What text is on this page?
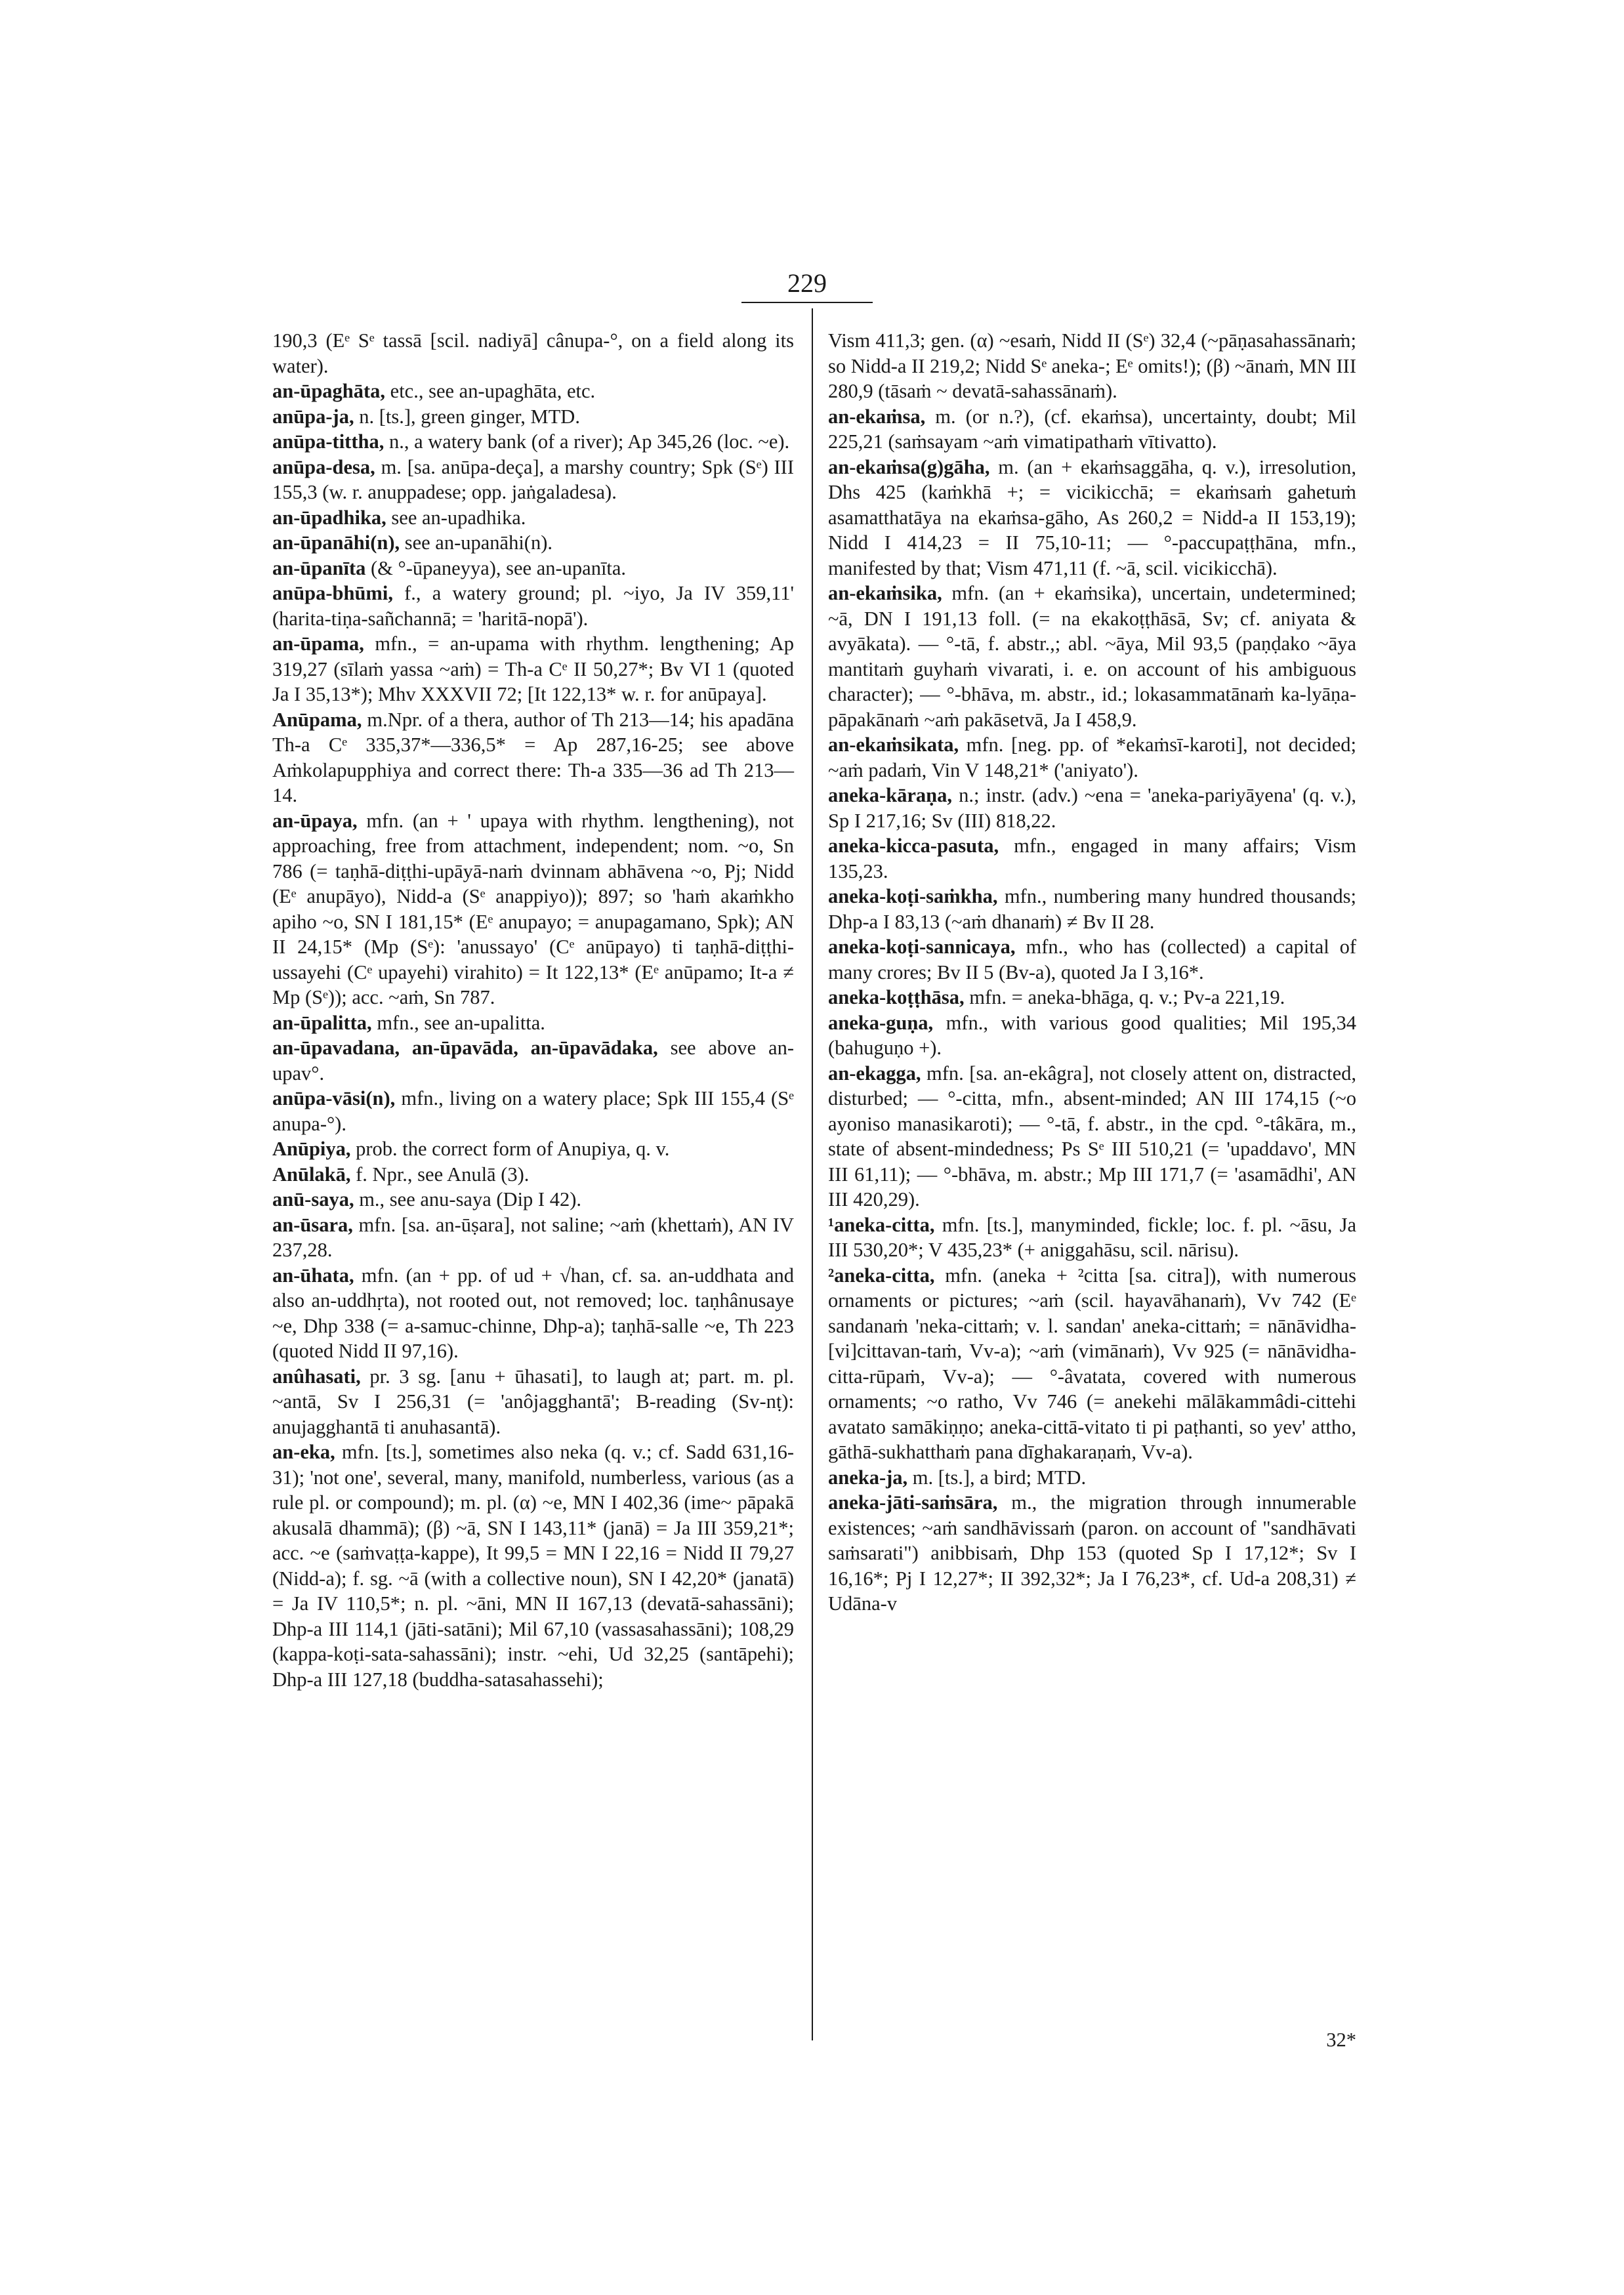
229

190,3 (Eᵉ Sᵉ tassā [scil. nadiyā] cânupa-°, on a field along its water).

an-ūpaghāta, etc., see an-upaghāta, etc.

anūpa-ja, n. [ts.], green ginger, MTD.

anūpa-tittha, n., a watery bank (of a river); Ap 345,26 (loc. ~e).

anūpa-desa, m. [sa. anūpa-deça], a marshy country; Spk (Sᵉ) III 155,3 (w. r. anuppadese; opp. jaṅgaladesa).

an-ūpadhika, see an-upadhika.

an-ūpanāhi(n), see an-upanāhi(n).

an-ūpanīta (& °-ūpaneyya), see an-upanīta.

anūpa-bhūmi, f., a watery ground; pl. ~iyo, Ja IV 359,11' (harita-tiṇa-sañchannā; = 'haritā-nopā').

an-ūpama, mfn., = an-upama with rhythm. lengthening; Ap 319,27 (sīlaṁ yassa ~aṁ) = Th-a Cᵉ II 50,27*; Bv VI 1 (quoted Ja I 35,13*); Mhv XXXVII 72; [It 122,13* w. r. for anūpaya].

Anūpama, m.Npr. of a thera, author of Th 213—14; his apadāna Th-a Cᵉ 335,37*—336,5* = Ap 287,16-25; see above Aṁkolapupphiya and correct there: Th-a 335—36 ad Th 213—14.

an-ūpaya, mfn. (an + ' upaya with rhythm. lengthening), not approaching, free from attachment, independent; nom. ~o, Sn 786 (= taṇhā-diṭṭhi-upāyā-naṁ dvinnam abhāvena ~o, Pj; Nidd (Eᵉ anupāyo), Nidd-a (Sᵉ anappiyo)); 897; so 'haṁ akaṁkho apiho ~o, SN I 181,15* (Eᵉ anupayo; = anupagamano, Spk); AN II 24,15* (Mp (Sᵉ): 'anussayo' (Cᵉ anūpayo) ti taṇhā-diṭṭhi-ussayehi (Cᵉ upayehi) virahito) = It 122,13* (Eᵉ anūpamo; It-a ≠ Mp (Sᵉ)); acc. ~aṁ, Sn 787.

an-ūpalitta, mfn., see an-upalitta.

an-ūpavadana, an-ūpavāda, an-ūpavādaka, see above an-upav°.

anūpa-vāsi(n), mfn., living on a watery place; Spk III 155,4 (Sᵉ anupa-°).

Anūpiya, prob. the correct form of Anupiya, q. v.

Anūlakā, f. Npr., see Anulā (3).

anū-saya, m., see anu-saya (Dip I 42).

an-ūsara, mfn. [sa. an-ūṣara], not saline; ~aṁ (khettaṁ), AN IV 237,28.

an-ūhata, mfn. (an + pp. of ud + √han, cf. sa. an-uddhata and also an-uddhṛta), not rooted out, not removed; loc. taṇhânusaye ~e, Dhp 338 (= a-samuc-chinne, Dhp-a); taṇhā-salle ~e, Th 223 (quoted Nidd II 97,16).

anûhasati, pr. 3 sg. [anu + ūhasati], to laugh at; part. m. pl. ~antā, Sv I 256,31 (= 'anôjagghantā'; B-reading (Sv-nṭ): anujagghantā ti anuhasantā).

an-eka, mfn. [ts.], sometimes also neka (q. v.; cf. Sadd 631,16-31); 'not one', several, many, manifold, numberless, various (as a rule pl. or compound); m. pl. (α) ~e, MN I 402,36 (ime~ pāpakā akusalā dhammā); (β) ~ā, SN I 143,11* (janā) = Ja III 359,21*; acc. ~e (saṁvaṭṭa-kappe), It 99,5 = MN I 22,16 = Nidd II 79,27 (Nidd-a); f. sg. ~ā (with a collective noun), SN I 42,20* (janatā) = Ja IV 110,5*; n. pl. ~āni, MN II 167,13 (devatā-sahassāni); Dhp-a III 114,1 (jāti-satāni); Mil 67,10 (vassasahassāni); 108,29 (kappa-koṭi-sata-sahassāni); instr. ~ehi, Ud 32,25 (santāpehi); Dhp-a III 127,18 (buddha-satasahassehi);

Vism 411,3; gen. (α) ~esaṁ, Nidd II (Sᵉ) 32,4 (~pāṇasahassānaṁ; so Nidd-a II 219,2; Nidd Sᵉ aneka-; Eᵉ omits!); (β) ~ānaṁ, MN III 280,9 (tāsaṁ ~ devatā-sahassānaṁ).

an-ekaṁsa, m. (or n.?), (cf. ekaṁsa), uncertainty, doubt; Mil 225,21 (saṁsayam ~aṁ vimatipathaṁ vītivatto).

an-ekaṁsa(g)gāha, m. (an + ekaṁsaggāha, q. v.), irresolution, Dhs 425 (kaṁkhā +; = vicikicchā; = ekaṁsaṁ gahetuṁ asamatthatāya na ekaṁsa-gāho, As 260,2 = Nidd-a II 153,19); Nidd I 414,23 = II 75,10-11; — °-paccupaṭṭhāna, mfn., manifested by that; Vism 471,11 (f. ~ā, scil. vicikicchā).

an-ekaṁsika, mfn. (an + ekaṁsika), uncertain, undetermined; ~ā, DN I 191,13 foll. (= na ekakoṭṭhāsā, Sv; cf. aniyata & avyākata). — °-tā, f. abstr.,; abl. ~āya, Mil 93,5 (paṇḍako ~āya mantitaṁ guyhaṁ vivarati, i. e. on account of his ambiguous character); — °-bhāva, m. abstr., id.; lokasammatānaṁ ka-lyāṇa-pāpakānaṁ ~aṁ pakāsetvā, Ja I 458,9.

an-ekaṁsikata, mfn. [neg. pp. of *ekaṁsī-karoti], not decided; ~aṁ padaṁ, Vin V 148,21* ('aniyato').

aneka-kāraṇa, n.; instr. (adv.) ~ena = 'aneka-pariyāyena' (q. v.), Sp I 217,16; Sv (III) 818,22.

aneka-kicca-pasuta, mfn., engaged in many affairs; Vism 135,23.

aneka-koṭi-saṁkha, mfn., numbering many hundred thousands; Dhp-a I 83,13 (~aṁ dhanaṁ) ≠ Bv II 28.

aneka-koṭi-sannicaya, mfn., who has (collected) a capital of many crores; Bv II 5 (Bv-a), quoted Ja I 3,16*.

aneka-koṭṭhāsa, mfn. = aneka-bhāga, q. v.; Pv-a 221,19.

aneka-guṇa, mfn., with various good qualities; Mil 195,34 (bahuguṇo +).

an-ekagga, mfn. [sa. an-ekâgra], not closely attent on, distracted, disturbed; — °-citta, mfn., absent-minded; AN III 174,15 (~o ayoniso manasikaroti); — °-tā, f. abstr., in the cpd. °-tâkāra, m., state of absent-mindedness; Ps Sᵉ III 510,21 (= 'upaddavo', MN III 61,11); — °-bhāva, m. abstr.; Mp III 171,7 (= 'asamādhi', AN III 420,29).

¹aneka-citta, mfn. [ts.], manyminded, fickle; loc. f. pl. ~āsu, Ja III 530,20*; V 435,23* (+ aniggahāsu, scil. nārisu).

²aneka-citta, mfn. (aneka + ²citta [sa. citra]), with numerous ornaments or pictures; ~aṁ (scil. hayavāhanaṁ), Vv 742 (Eᵉ sandanaṁ 'neka-cittaṁ; v. l. sandan' aneka-cittaṁ; = nānāvidha-[vi]cittavan-taṁ, Vv-a); ~aṁ (vimānaṁ), Vv 925 (= nānāvidha-citta-rūpaṁ, Vv-a); — °-âvatata, covered with numerous ornaments; ~o ratho, Vv 746 (= anekehi mālākammâdi-cittehi avatato samākiṇṇo; aneka-cittā-vitato ti pi paṭhanti, so yev' attho, gāthā-sukhatthaṁ pana dīghakaraṇaṁ, Vv-a).

aneka-ja, m. [ts.], a bird; MTD.

aneka-jāti-saṁsāra, m., the migration through innumerable existences; ~aṁ sandhāvissaṁ (paron. on account of "sandhāvati saṁsarati") anibbisaṁ, Dhp 153 (quoted Sp I 17,12*; Sv I 16,16*; Pj I 12,27*; II 392,32*; Ja I 76,23*, cf. Ud-a 208,31) ≠ Udāna-v

32*
